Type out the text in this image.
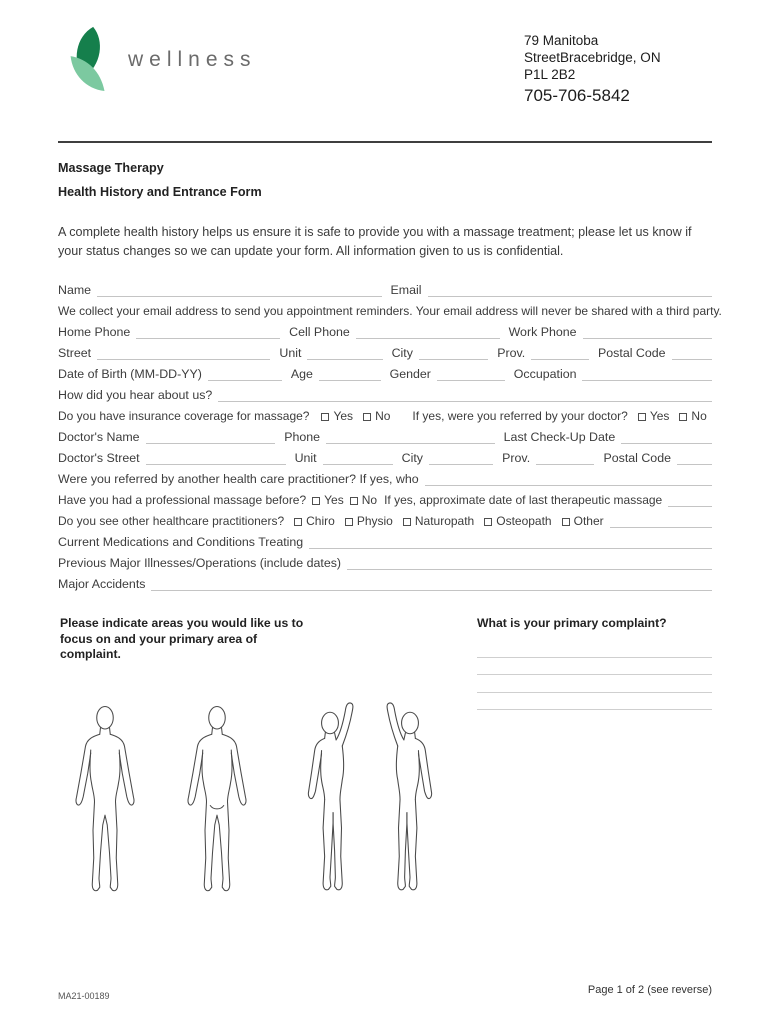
wellness
79 Manitoba
StreetBracebridge, ON
P1L 2B2
705-706-5842
Massage Therapy
Health History and Entrance Form
A complete health history helps us ensure it is safe to provide you with a massage treatment; please let us know if your status changes so we can update your form. All information given to us is confidential.
Name	Email
We collect your email address to send you appointment reminders. Your email address will never be shared with a third party.
Home Phone	Cell Phone	Work Phone
Street	Unit	City	Prov.	Postal Code
Date of Birth (MM-DD-YY)	Age	Gender	Occupation
How did you hear about us?
Do you have insurance coverage for massage?	Yes No If yes, were you referred by your doctor? Yes No
Doctor's Name	Phone	Last Check-Up Date
Doctor's Street	Unit	City	Prov.	Postal Code
Were you referred by another health care practitioner? If yes, who
Have you had a professional massage before? Yes No If yes, approximate date of last therapeutic massage
Do you see other healthcare practitioners? Chiro Physio Naturopath Osteopath Other
Current Medications and Conditions Treating
Previous Major Illnesses/Operations (include dates)
Major Accidents
Please indicate areas you would like us to focus on and your primary area of complaint.
What is your primary complaint?
MA21-00189	Page 1 of 2 (see reverse)
